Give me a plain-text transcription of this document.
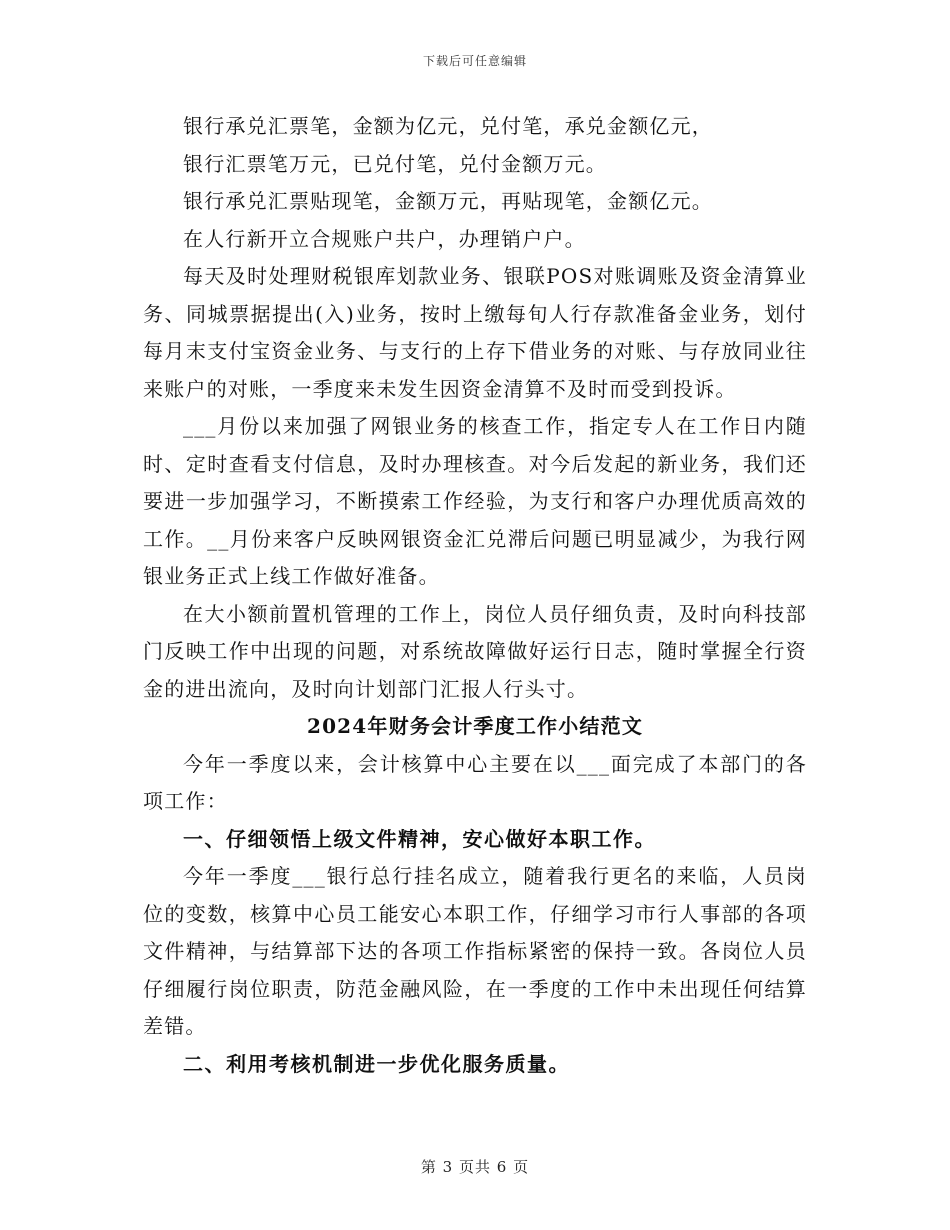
下载后可任意编辑

银行承兑汇票笔，金额为亿元，兑付笔，承兑金额亿元，

银行汇票笔万元，已兑付笔，兑付金额万元。

银行承兑汇票贴现笔，金额万元，再贴现笔，金额亿元。

在人行新开立合规账户共户，办理销户户。

每天及时处理财税银库划款业务、银联POS对账调账及资金清算业务、同城票据提出(入)业务，按时上缴每旬人行存款准备金业务，划付每月末支付宝资金业务、与支行的上存下借业务的对账、与存放同业往来账户的对账，一季度来未发生因资金清算不及时而受到投诉。

___月份以来加强了网银业务的核查工作，指定专人在工作日内随时、定时查看支付信息，及时办理核查。对今后发起的新业务，我们还要进一步加强学习，不断摸索工作经验，为支行和客户办理优质高效的工作。__月份来客户反映网银资金汇兑滞后问题已明显减少，为我行网银业务正式上线工作做好准备。

在大小额前置机管理的工作上，岗位人员仔细负责，及时向科技部门反映工作中出现的问题，对系统故障做好运行日志，随时掌握全行资金的进出流向，及时向计划部门汇报人行头寸。

2024年财务会计季度工作小结范文

今年一季度以来，会计核算中心主要在以___面完成了本部门的各项工作：

一、仔细领悟上级文件精神，安心做好本职工作。

今年一季度___银行总行挂名成立，随着我行更名的来临，人员岗位的变数，核算中心员工能安心本职工作，仔细学习市行人事部的各项文件精神，与结算部下达的各项工作指标紧密的保持一致。各岗位人员仔细履行岗位职责，防范金融风险，在一季度的工作中未出现任何结算差错。

二、利用考核机制进一步优化服务质量。

第 3 页共 6 页
